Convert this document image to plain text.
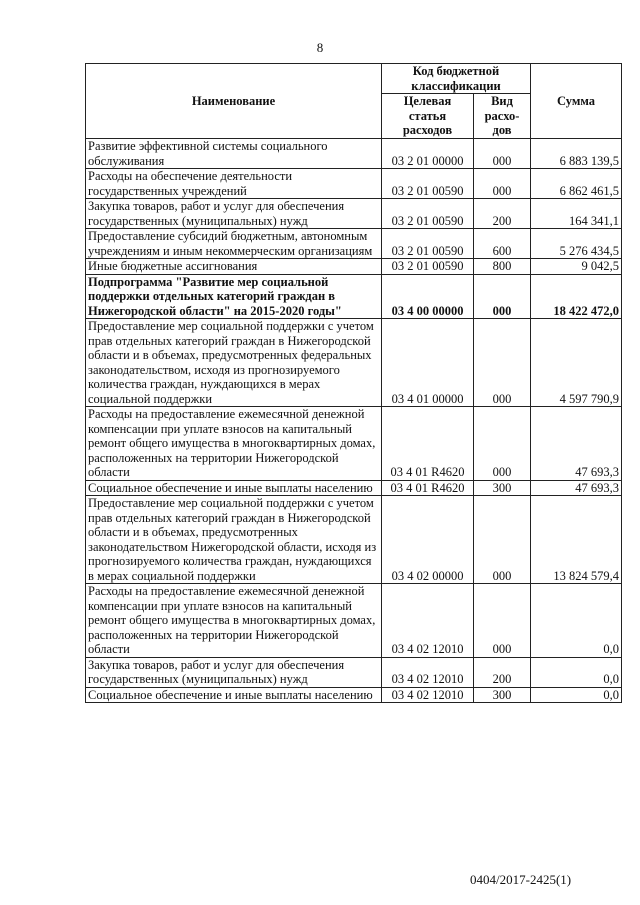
8
Наименование	Код бюджетной классификации		Сумма
	Целевая статья расходов	Вид расхо-дов	
Развитие эффективной системы социального обслуживания	03 2 01 00000	000	6 883 139,5
Расходы на обеспечение деятельности государственных учреждений	03 2 01 00590	000	6 862 461,5
Закупка товаров, работ и услуг для обеспечения государственных (муниципальных) нужд	03 2 01 00590	200	164 341,1
Предоставление субсидий бюджетным, автономным учреждениям и иным некоммерческим организациям	03 2 01 00590	600	5 276 434,5
Иные бюджетные ассигнования	03 2 01 00590	800	9 042,5
Подпрограмма "Развитие мер социальной поддержки отдельных категорий граждан в Нижегородской области" на 2015-2020 годы"	03 4 00 00000	000	18 422 472,0
Предоставление мер социальной поддержки с учетом прав отдельных категорий граждан в Нижегородской области и в объемах, предусмотренных федеральных законодательством, исходя из прогнозируемого количества граждан, нуждающихся в мерах социальной поддержки	03 4 01 00000	000	4 597 790,9
Расходы на предоставление ежемесячной денежной компенсации при уплате взносов на капитальный ремонт общего имущества в многоквартирных домах, расположенных на территории Нижегородской области	03 4 01 R4620	000	47 693,3
Социальное обеспечение и иные выплаты населению	03 4 01 R4620	300	47 693,3
Предоставление мер социальной поддержки с учетом прав отдельных категорий граждан в Нижегородской области и в объемах, предусмотренных законодательством Нижегородской области, исходя из прогнозируемого количества граждан, нуждающихся в мерах социальной поддержки	03 4 02 00000	000	13 824 579,4
Расходы на предоставление ежемесячной денежной компенсации при уплате взносов на капитальный ремонт общего имущества в многоквартирных домах, расположенных на территории Нижегородской области	03 4 02 12010	000	0,0
Закупка товаров, работ и услуг для обеспечения государственных (муниципальных) нужд	03 4 02 12010	200	0,0
Социальное обеспечение и иные выплаты населению	03 4 02 12010	300	0,0
0404/2017-2425(1)
